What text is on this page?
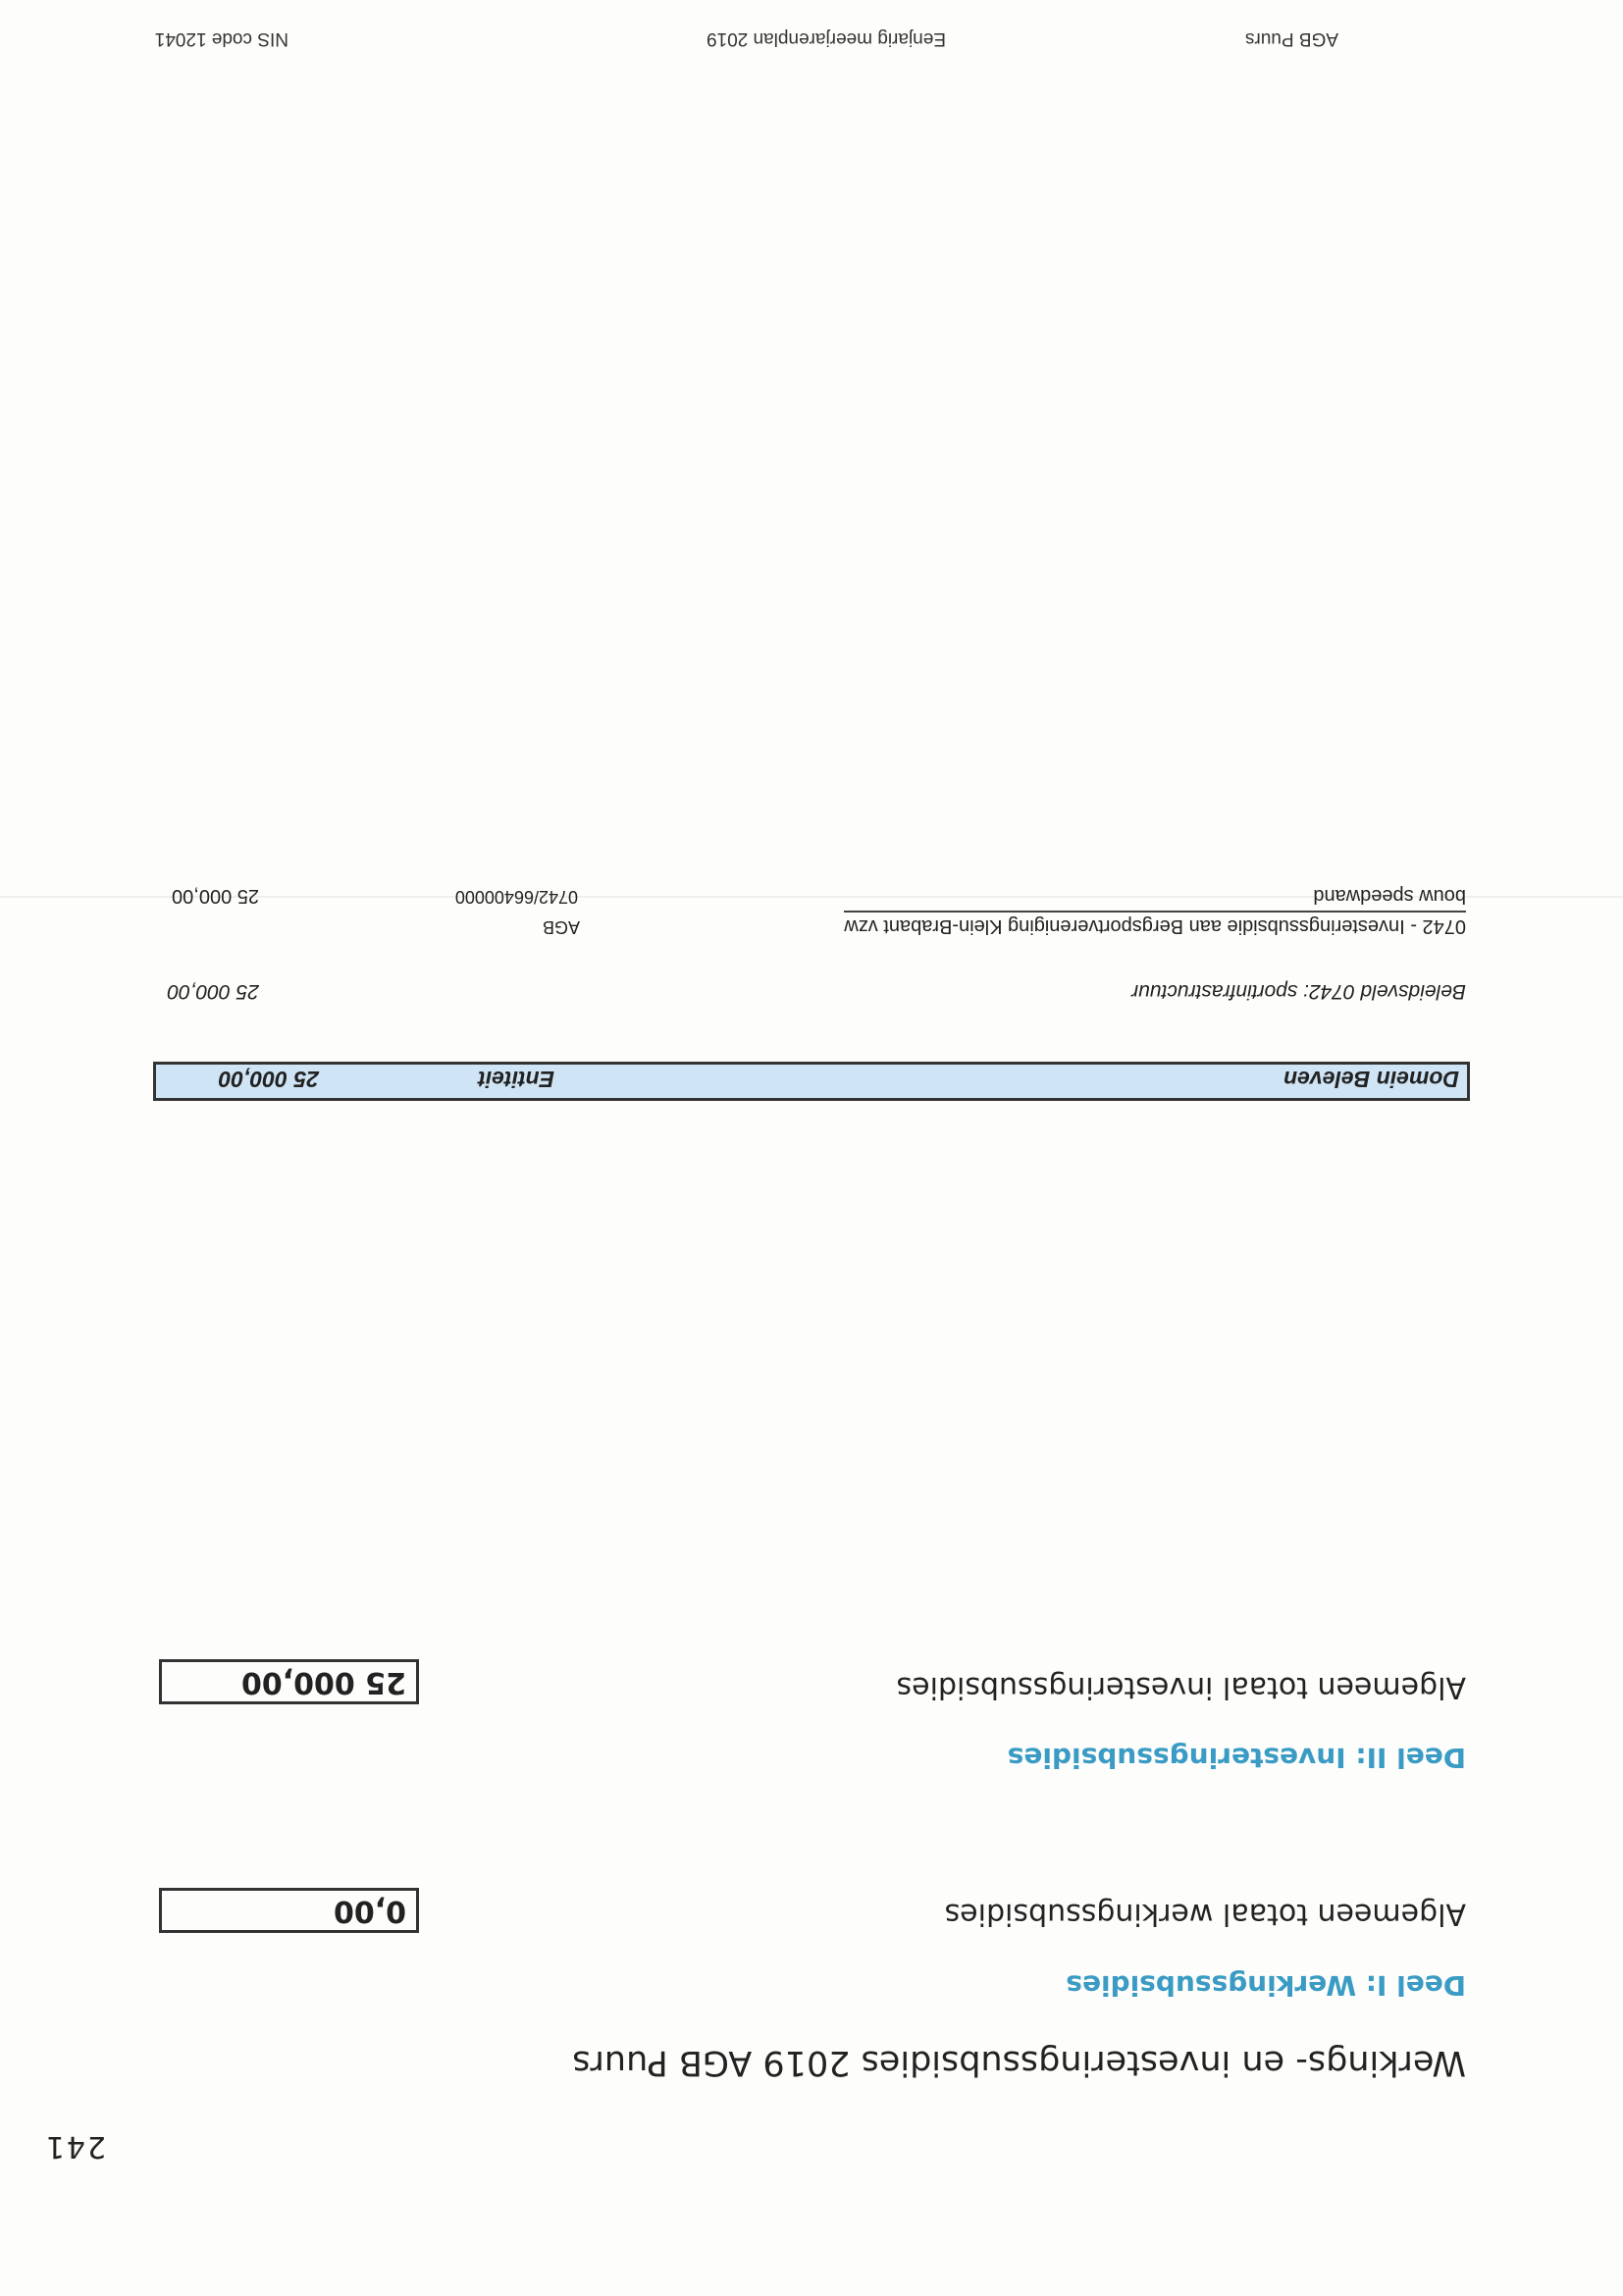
AGB Puurs
Eenjarig meerjarenplan 2019
NIS code 12041
241
Werkings- en investeringssubsidies 2019 AGB Puurs
Deel I: Werkingssubsidies
Algemeen totaal werkingssubsidies
0,00
Deel II: Investeringssubsidies
Algemeen totaal investeringssubsidies
25 000,00
Domein Beleven
Entiteit
25 000,00
Beleidsveld 0742: sportinfrastructuur
25 000,00
0742 - Investeringssubsidie aan Bergsportvereniging Klein-Brabant vzw
AGB
bouw speedwand
0742/66400000
25 000,00
